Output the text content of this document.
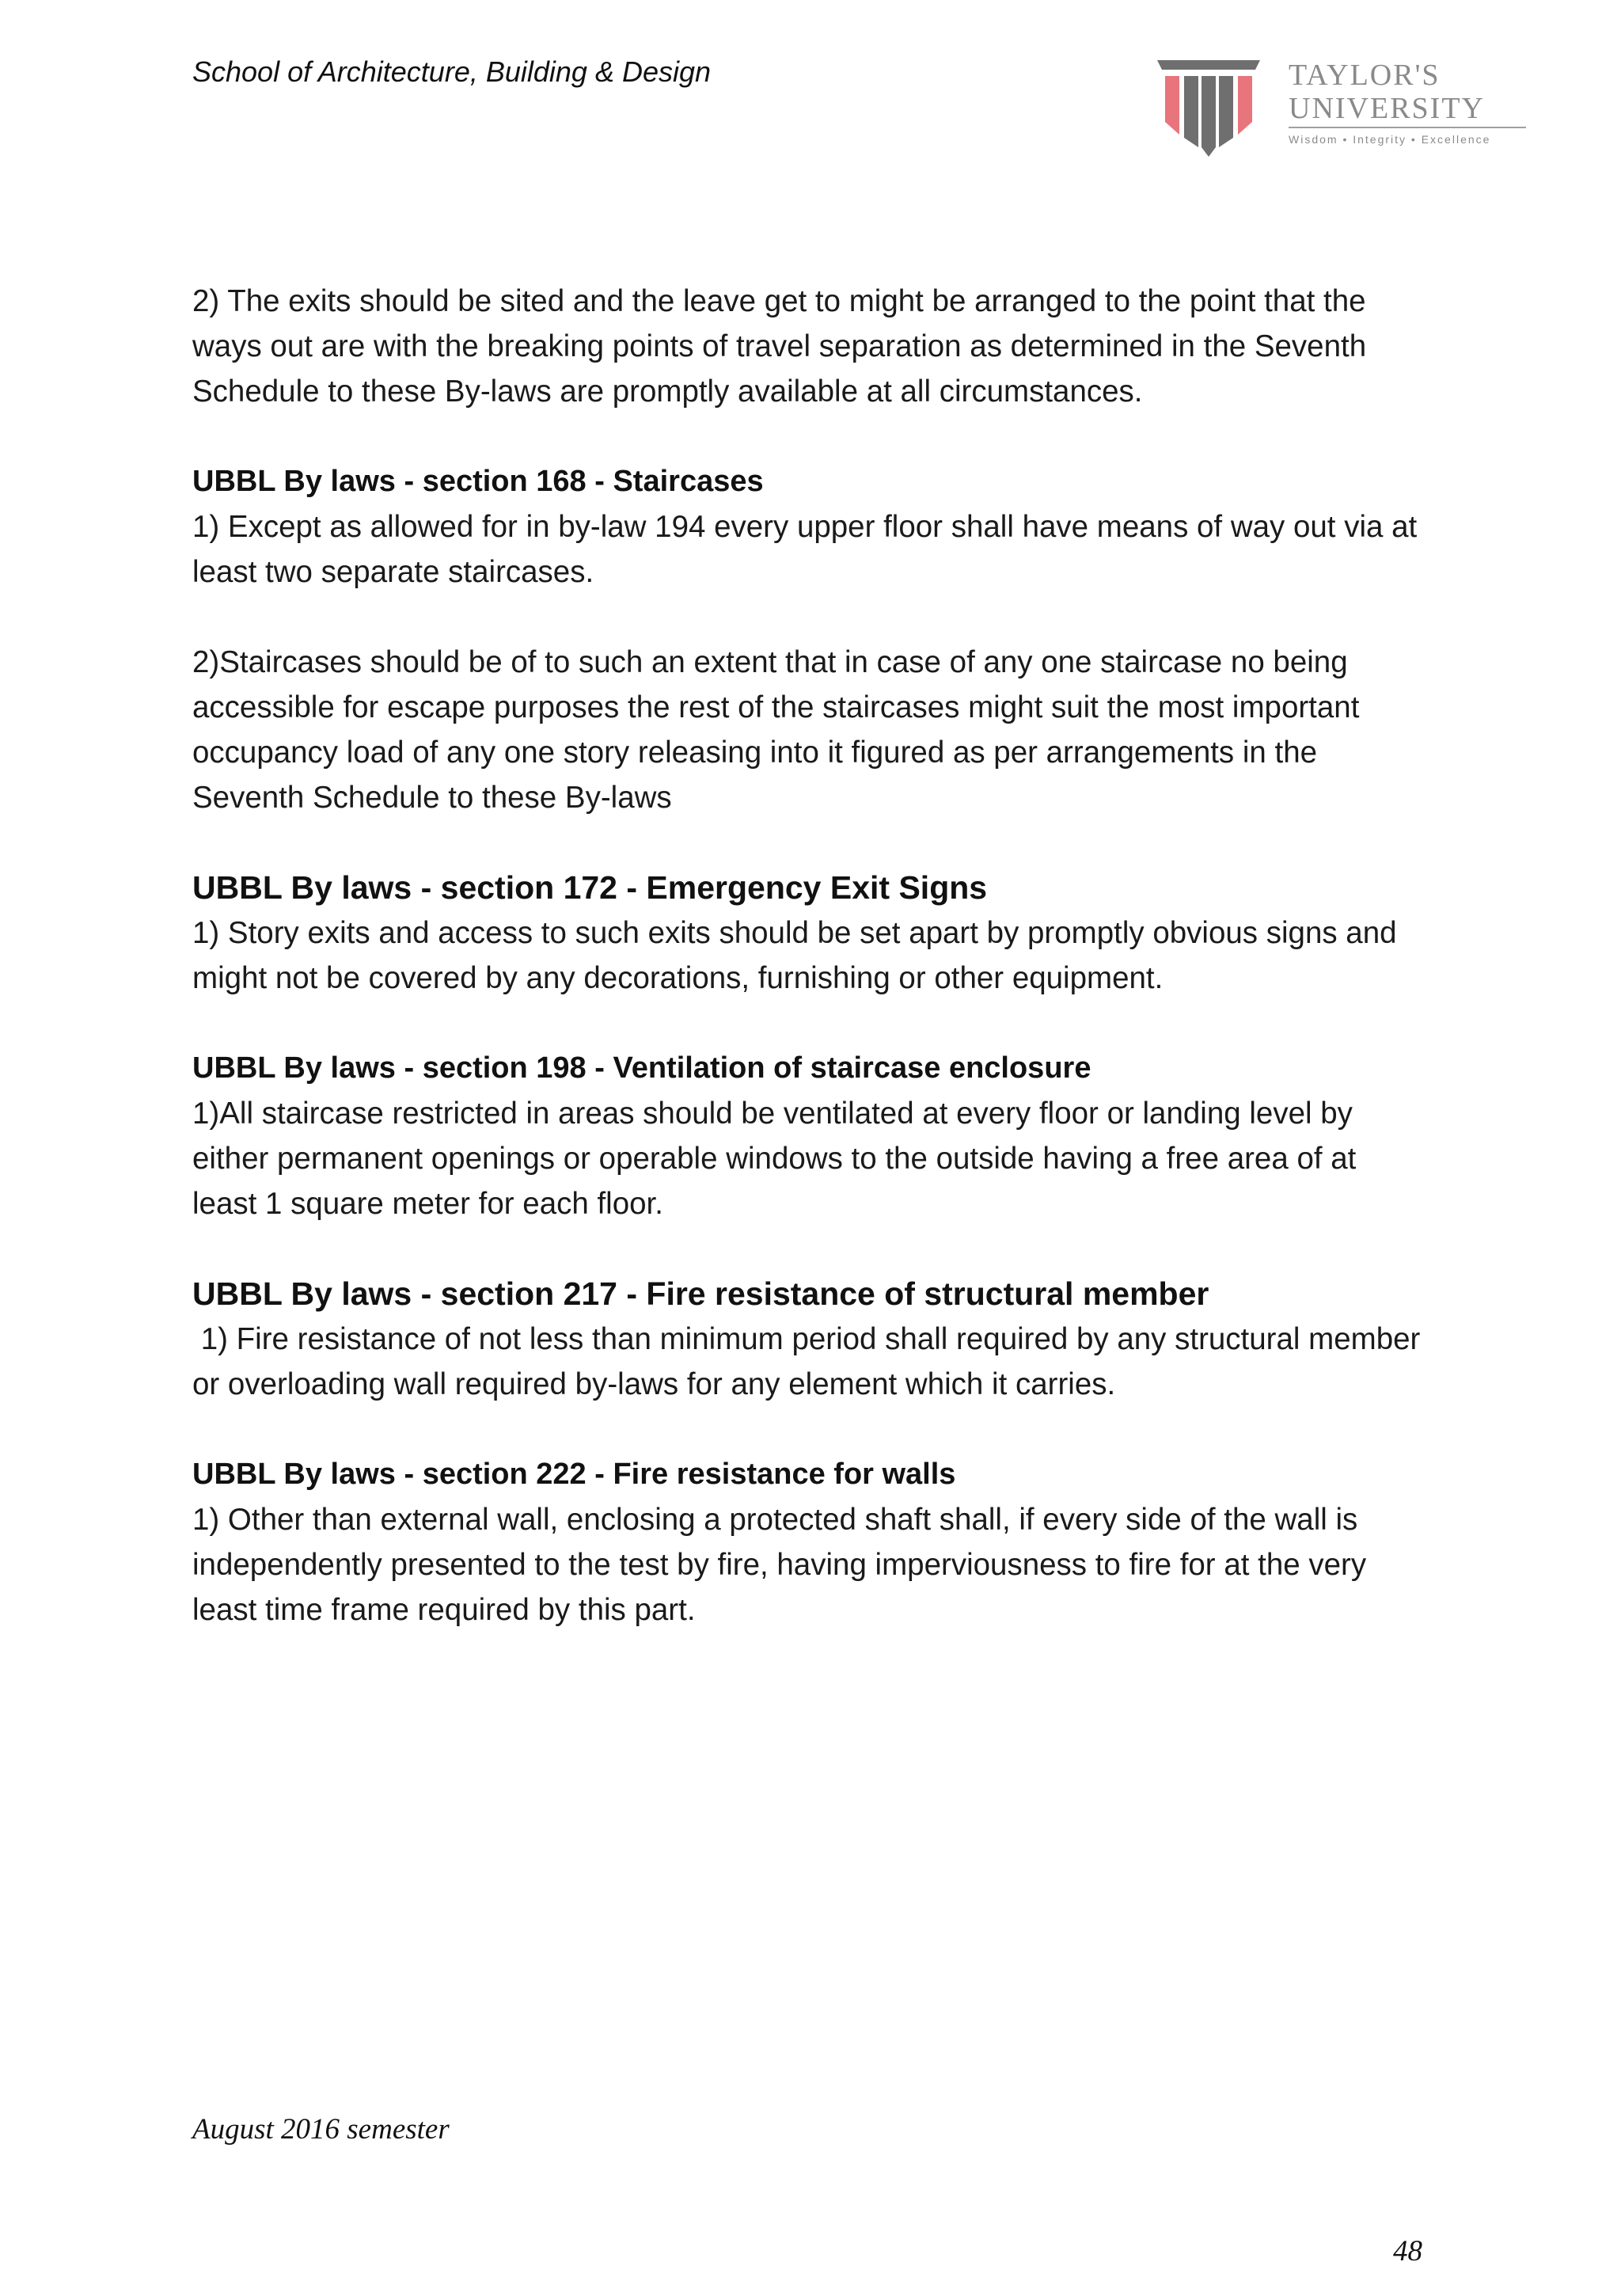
School of Architecture, Building & Design	TAYLOR'S
UNIVERSITY
Wisdom • Integrity • Excellence

2) The exits should be sited and the leave get to might be arranged to the point that the ways out are with the breaking points of travel separation as determined in the Seventh Schedule to these By-laws are promptly available at all circumstances.

UBBL By laws - section 168 - Staircases

1) Except as allowed for in by-law 194 every upper floor shall have means of way out via at least two separate staircases.

2)Staircases should be of to such an extent that in case of any one staircase no being accessible for escape purposes the rest of the staircases might suit the most important occupancy load of any one story releasing into it figured as per arrangements in the Seventh Schedule to these By-laws

UBBL By laws - section 172 - Emergency Exit Signs

1) Story exits and access to such exits should be set apart by promptly obvious signs and might not be covered by any decorations, furnishing or other equipment.

UBBL By laws - section 198 - Ventilation of staircase enclosure

1)All staircase restricted in areas should be ventilated at every floor or landing level by either permanent openings or operable windows to the outside having a free area of at least 1 square meter for each floor.

UBBL By laws - section 217 - Fire resistance of structural member

1) Fire resistance of not less than minimum period shall required by any structural member or overloading wall required by-laws for any element which it carries.

UBBL By laws - section 222 - Fire resistance for walls

1) Other than external wall, enclosing a protected shaft shall, if every side of the wall is independently presented to the test by fire, having imperviousness to fire for at the very least time frame required by this part.

August 2016 semester
48
